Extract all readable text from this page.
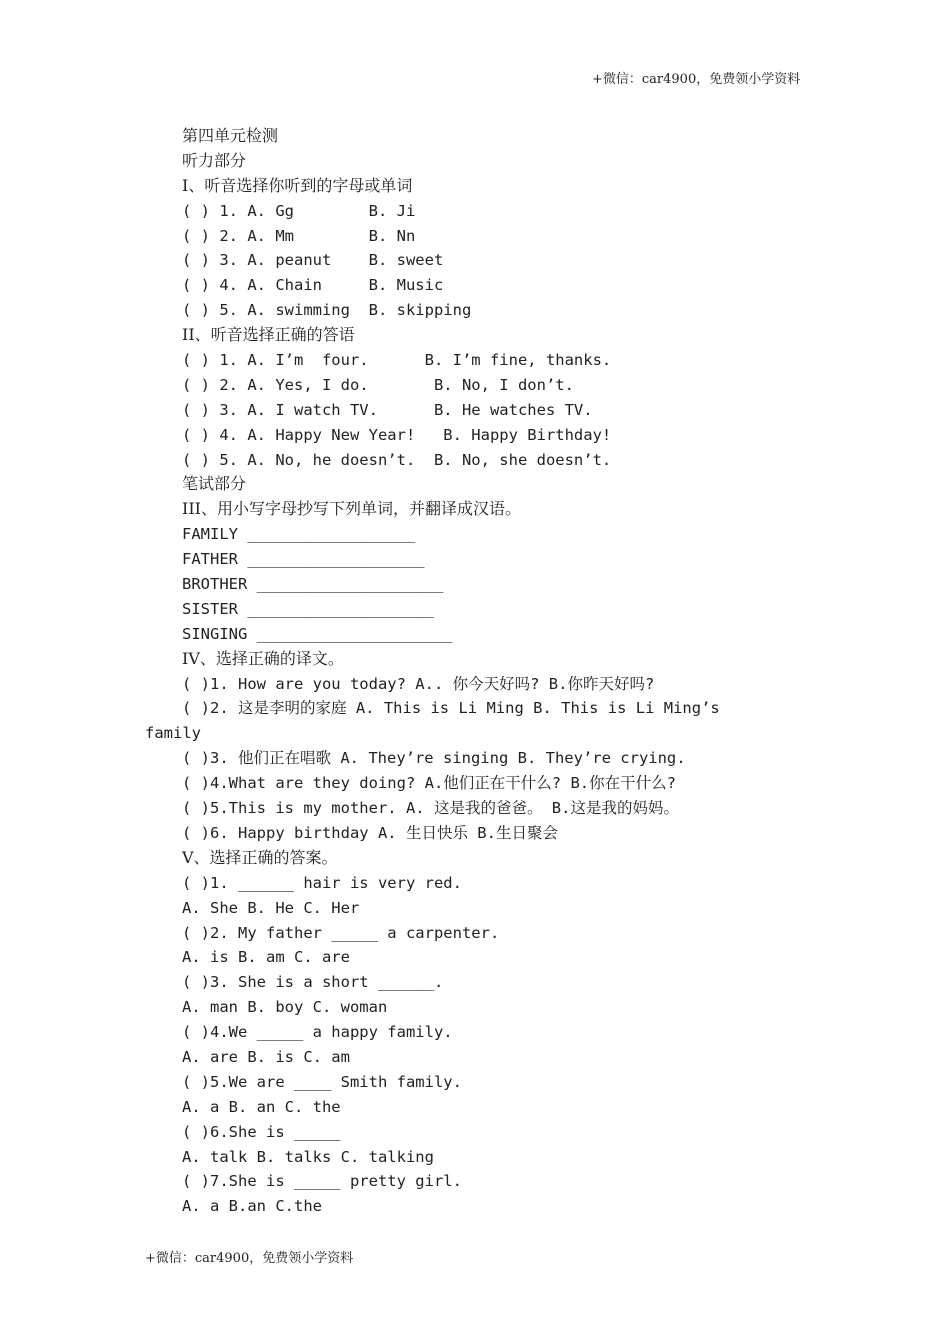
+微信：car4900，免费领小学资料
第四单元检测
听力部分
I、听音选择你听到的字母或单词
( ) 1. A. Gg        B. Ji
( ) 2. A. Mm        B. Nn
( ) 3. A. peanut    B. sweet
( ) 4. A. Chain     B. Music
( ) 5. A. swimming  B. skipping
II、听音选择正确的答语
( ) 1. A. I’m  four.      B. I’m fine, thanks.
( ) 2. A. Yes, I do.       B. No, I don’t.
( ) 3. A. I watch TV.      B. He watches TV.
( ) 4. A. Happy New Year!   B. Happy Birthday!
( ) 5. A. No, he doesn’t.  B. No, she doesn’t.
笔试部分
III、用小写字母抄写下列单词，并翻译成汉语。
FAMILY __________________
FATHER ___________________
BROTHER ____________________
SISTER ____________________
SINGING _____________________
IV、选择正确的译文。
( )1. How are you today? A.. 你今天好吗? B.你昨天好吗?
( )2. 这是李明的家庭 A. This is Li Ming B. This is Li Ming’s
family
( )3. 他们正在唱歌 A. They’re singing B. They’re crying.
( )4.What are they doing? A.他们正在干什么? B.你在干什么?
( )5.This is my mother. A. 这是我的爸爸。 B.这是我的妈妈。
( )6. Happy birthday A. 生日快乐 B.生日聚会
V、选择正确的答案。
( )1. ______ hair is very red.
A. She B. He C. Her
( )2. My father _____ a carpenter.
A. is B. am C. are
( )3. She is a short ______.
A. man B. boy C. woman
( )4.We _____ a happy family.
A. are B. is C. am
( )5.We are ____ Smith family.
A. a B. an C. the
( )6.She is _____
A. talk B. talks C. talking
( )7.She is _____ pretty girl.
A. a B.an C.the
+微信：car4900，免费领小学资料
